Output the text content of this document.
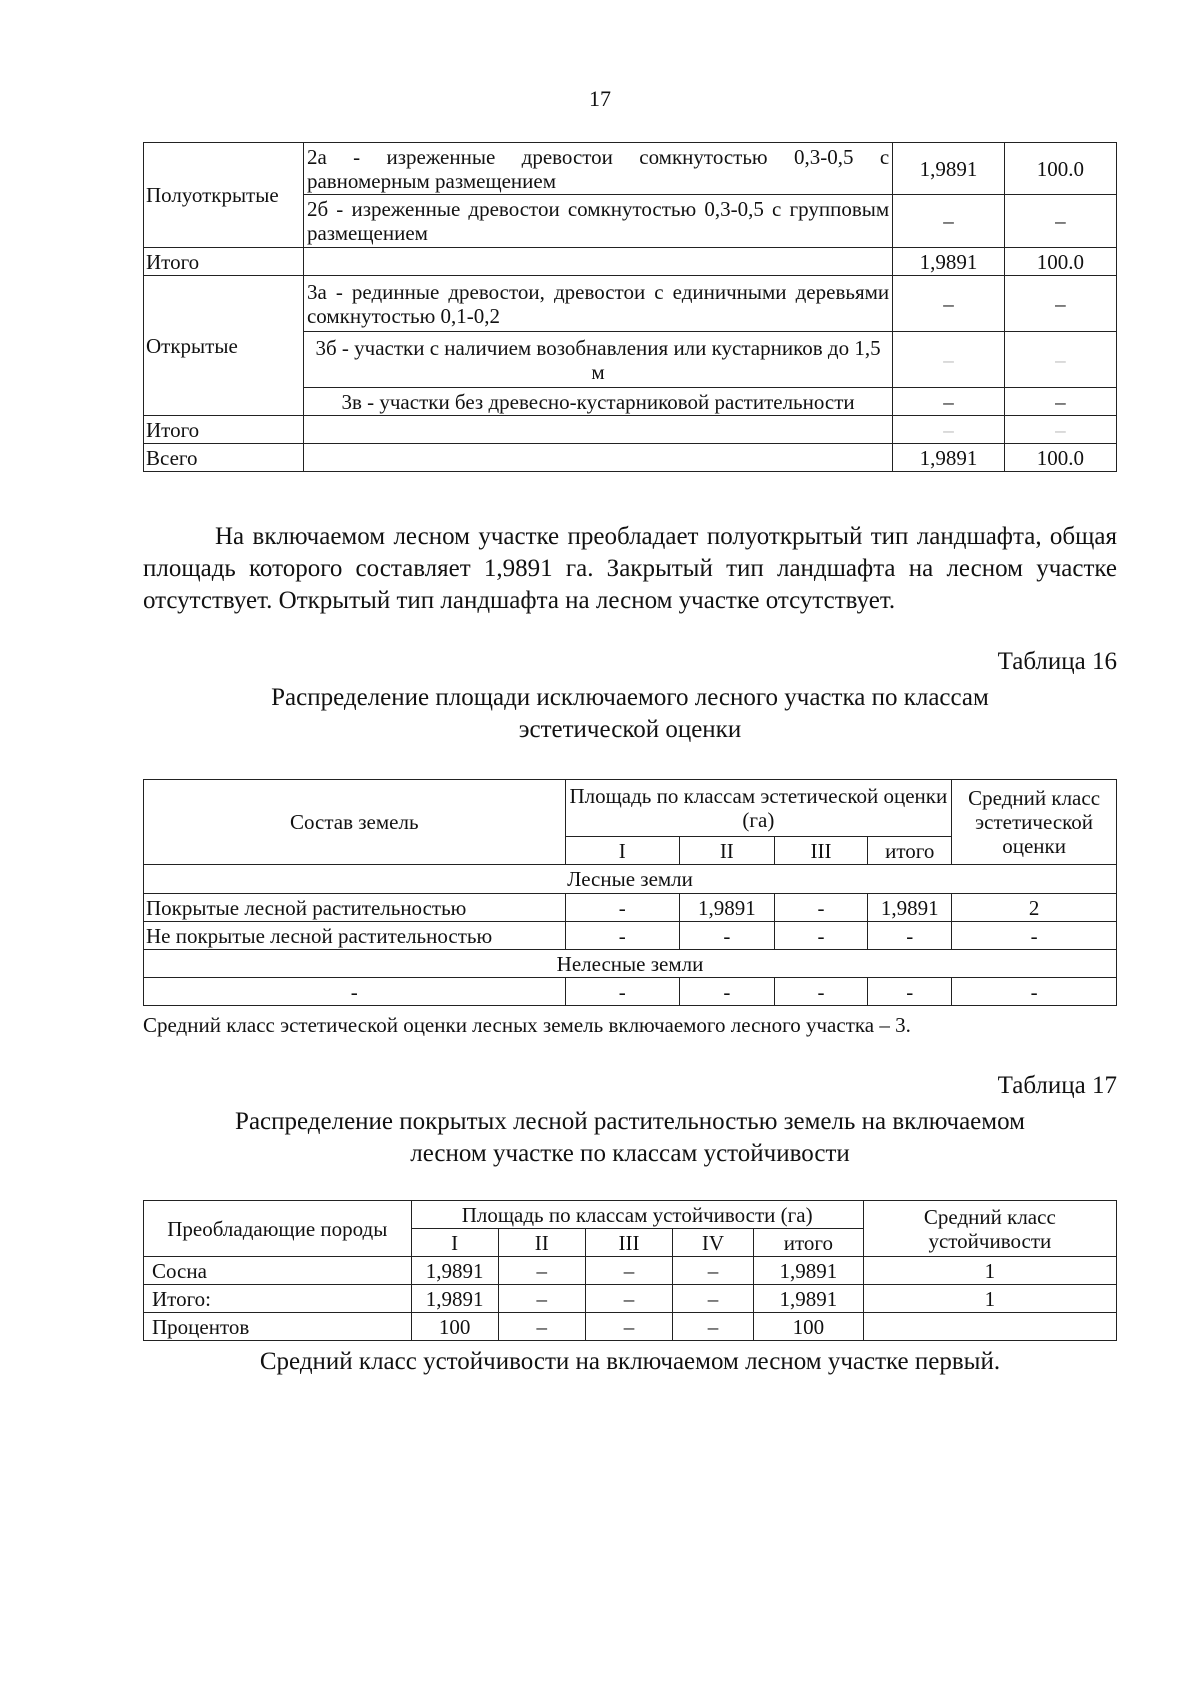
17
Полуоткрытые	2а - изреженные древостои сомкнутостью 0,3-0,5 с равномерным размещением	1,9891	100.0
	2б - изреженные древостои сомкнутостью 0,3-0,5 с групповым размещением	–	–
Итого		1,9891	100.0
Открытые	3а - рединные древостои, древостои с единичными деревьями сомкнутостью 0,1-0,2	–	–
	3б - участки с наличием возобнавления или кустарников до 1,5 м	–	–
	3в - участки без древесно-кустарниковой растительности	–	–
Итого		–	–
Всего		1,9891	100.0

На включаемом лесном участке преобладает полуоткрытый тип ландшафта, общая площадь которого составляет 1,9891 га. Закрытый тип ландшафта на лесном участке отсутствует. Открытый тип ландшафта на лесном участке отсутствует.

Таблица 16
Распределение площади исключаемого лесного участка по классам
эстетической оценки
Состав земель	Площадь по классам эстетической оценки (га)				Средний класс эстетической оценки
	I	II	III	итого	
Лесные земли					
Покрытые лесной растительностью	-	1,9891	-	1,9891	2
Не покрытые лесной растительностью	-	-	-	-	-
Нелесные земли					
-	-	-	-	-	-
Средний класс эстетической оценки лесных земель включаемого лесного участка – 3.
Таблица 17
Распределение покрытых лесной растительностью земель на включаемом
лесном участке по классам устойчивости
Преобладающие породы	Площадь по классам устойчивости (га)					Средний класс устойчивости
	I	II	III	IV	итого	
Сосна	1,9891	–	–	–	1,9891	1
Итого:	1,9891	–	–	–	1,9891	1
Процентов	100	–	–	–	100	
Средний класс устойчивости на включаемом лесном участке первый.
